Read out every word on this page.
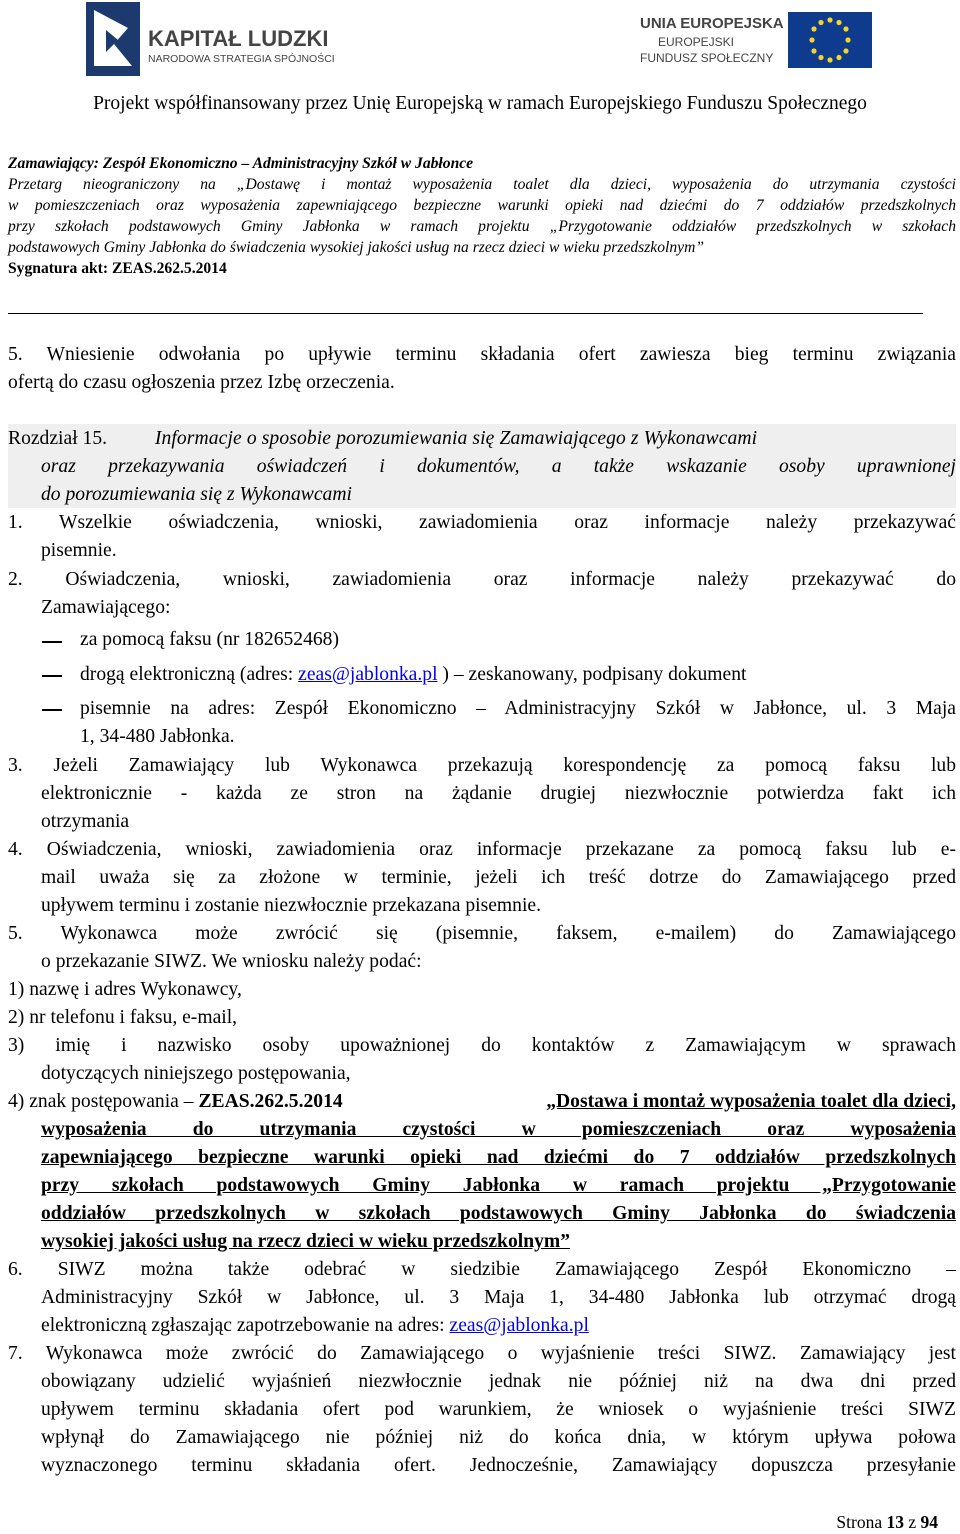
KAPITAŁ LUDZKI
NARODOWA STRATEGIA SPÓJNOŚCI
UNIA EUROPEJSKA
EUROPEJSKI
FUNDUSZ SPOŁECZNY
Projekt współfinansowany przez Unię Europejską w ramach Europejskiego Funduszu Społecznego
Zamawiający: Zespół Ekonomiczno – Administracyjny Szkół w Jabłonce
Przetarg nieograniczony na „Dostawę i montaż wyposażenia toalet dla dzieci, wyposażenia do utrzymania czystości
w pomieszczeniach oraz wyposażenia zapewniającego bezpieczne warunki opieki nad dziećmi do 7 oddziałów przedszkolnych
przy szkołach podstawowych Gminy Jabłonka w ramach projektu „Przygotowanie oddziałów przedszkolnych w szkołach
podstawowych Gminy Jabłonka do świadczenia wysokiej jakości usług na rzecz dzieci w wieku przedszkolnym”
Sygnatura akt: ZEAS.262.5.2014
5. Wniesienie odwołania po upływie terminu składania ofert zawiesza bieg terminu związania
ofertą do czasu ogłoszenia przez Izbę orzeczenia.
Rozdział 15. Informacje o sposobie porozumiewania się Zamawiającego z Wykonawcami
oraz przekazywania oświadczeń i dokumentów, a także wskazanie osoby uprawnionej
do porozumiewania się z Wykonawcami
1. Wszelkie oświadczenia, wnioski, zawiadomienia oraz informacje należy przekazywać
pisemnie.
2. Oświadczenia, wnioski, zawiadomienia oraz informacje należy przekazywać do
Zamawiającego:
za pomocą faksu (nr 182652468)
drogą elektroniczną (adres: zeas@jablonka.pl ) – zeskanowany, podpisany dokument
pisemnie na adres: Zespół Ekonomiczno – Administracyjny Szkół w Jabłonce, ul. 3 Maja
1, 34-480 Jabłonka.
3. Jeżeli Zamawiający lub Wykonawca przekazują korespondencję za pomocą faksu lub
elektronicznie - każda ze stron na żądanie drugiej niezwłocznie potwierdza fakt ich
otrzymania
4. Oświadczenia, wnioski, zawiadomienia oraz informacje przekazane za pomocą faksu lub e-
mail uważa się za złożone w terminie, jeżeli ich treść dotrze do Zamawiającego przed
upływem terminu i zostanie niezwłocznie przekazana pisemnie.
5. Wykonawca może zwrócić się (pisemnie, faksem, e-mailem) do Zamawiającego
o przekazanie SIWZ. We wniosku należy podać:
1) nazwę i adres Wykonawcy,
2) nr telefonu i faksu, e-mail,
3) imię i nazwisko osoby upoważnionej do kontaktów z Zamawiającym w sprawach
dotyczących niniejszego postępowania,
4) znak postępowania – ZEAS.262.5.2014	„Dostawa i montaż wyposażenia toalet dla dzieci,
wyposażenia do utrzymania czystości w pomieszczeniach oraz wyposażenia
zapewniającego bezpieczne warunki opieki nad dziećmi do 7 oddziałów przedszkolnych
przy szkołach podstawowych Gminy Jabłonka w ramach projektu „Przygotowanie
oddziałów przedszkolnych w szkołach podstawowych Gminy Jabłonka do świadczenia
wysokiej jakości usług na rzecz dzieci w wieku przedszkolnym”
6. SIWZ można także odebrać w siedzibie Zamawiającego Zespół Ekonomiczno –
Administracyjny Szkół w Jabłonce, ul. 3 Maja 1, 34-480 Jabłonka lub otrzymać drogą
elektroniczną zgłaszając zapotrzebowanie na adres: zeas@jablonka.pl
7. Wykonawca może zwrócić do Zamawiającego o wyjaśnienie treści SIWZ. Zamawiający jest
obowiązany udzielić wyjaśnień niezwłocznie jednak nie później niż na dwa dni przed
upływem terminu składania ofert pod warunkiem, że wniosek o wyjaśnienie treści SIWZ
wpłynął do Zamawiającego nie później niż do końca dnia, w którym upływa połowa
wyznaczonego terminu składania ofert. Jednocześnie, Zamawiający dopuszcza przesyłanie
Strona 13 z 94
